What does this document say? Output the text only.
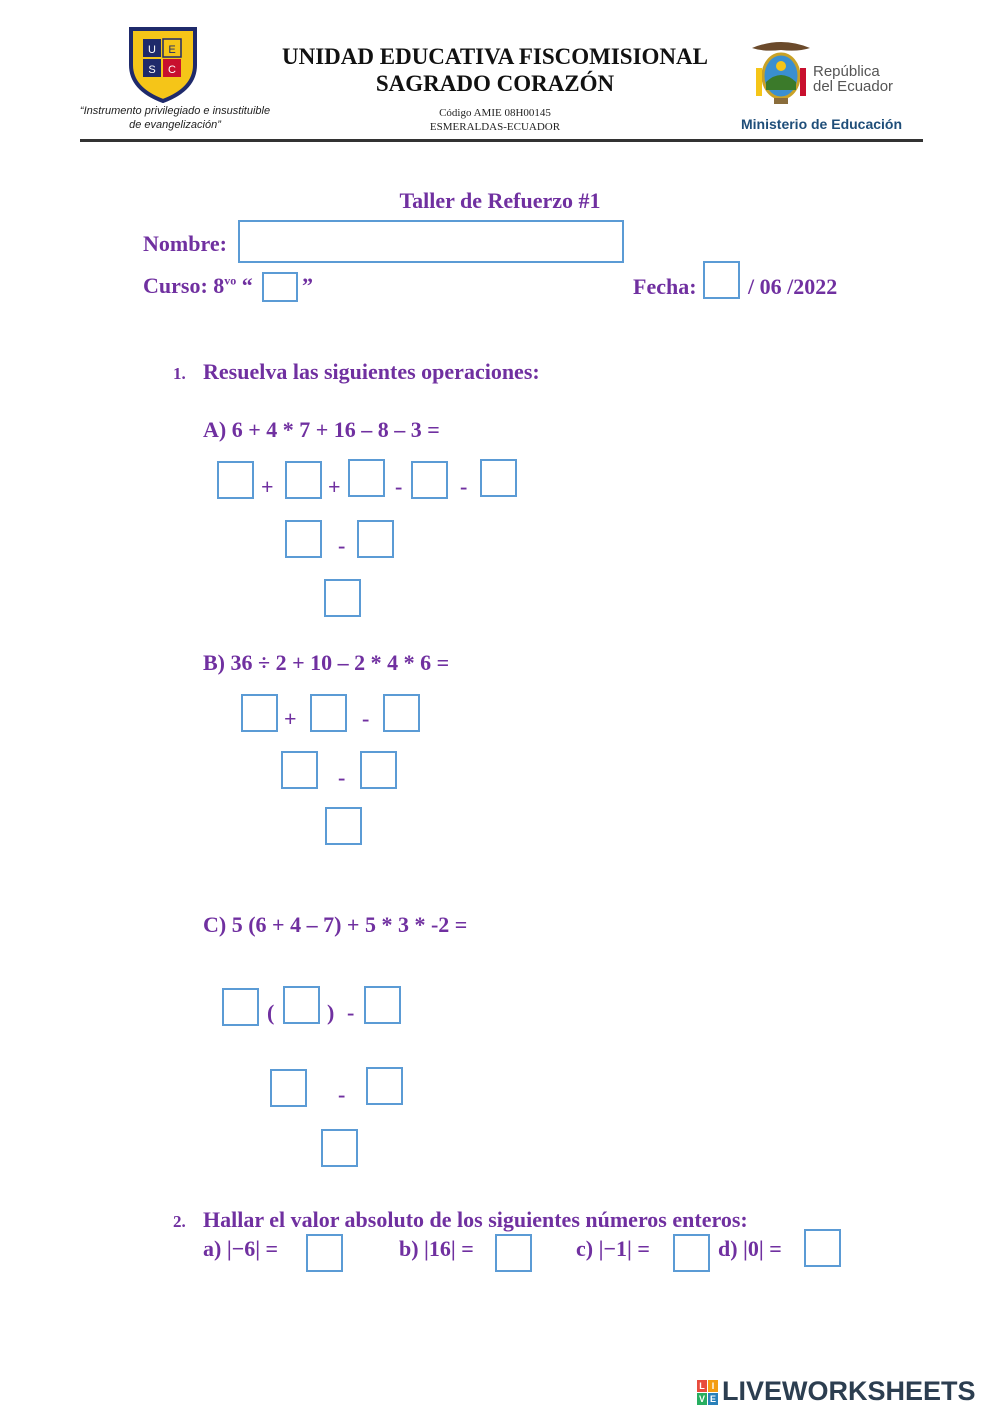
U E
S C
“Instrumento privilegiado e insustituible
de evangelización”
UNIDAD EDUCATIVA FISCOMISIONAL
SAGRADO CORAZÓN
Código AMIE 08H00145
ESMERALDAS-ECUADOR
República
del Ecuador
Ministerio de Educación
Taller de Refuerzo #1
Nombre:
Curso: $8^{vo}$ “ ”	Fecha: / 06 /2022
1. Resuelva las siguientes operaciones:
A) 6 + 4 * 7 + 16 – 8 – 3 =
+ + -	-
-
B) 36 ÷ 2 + 10 – 2 * 4 * 6 =
+	-
-
C) 5 (6 + 4 – 7) + 5 * 3 * -2 =
( ) -
-
2. Hallar el valor absoluto de los siguientes números enteros:
a) |−6| =	b) |16| =	c) |−1| =	d) |0| =
L I
V E LIVEWORKSHEETS
